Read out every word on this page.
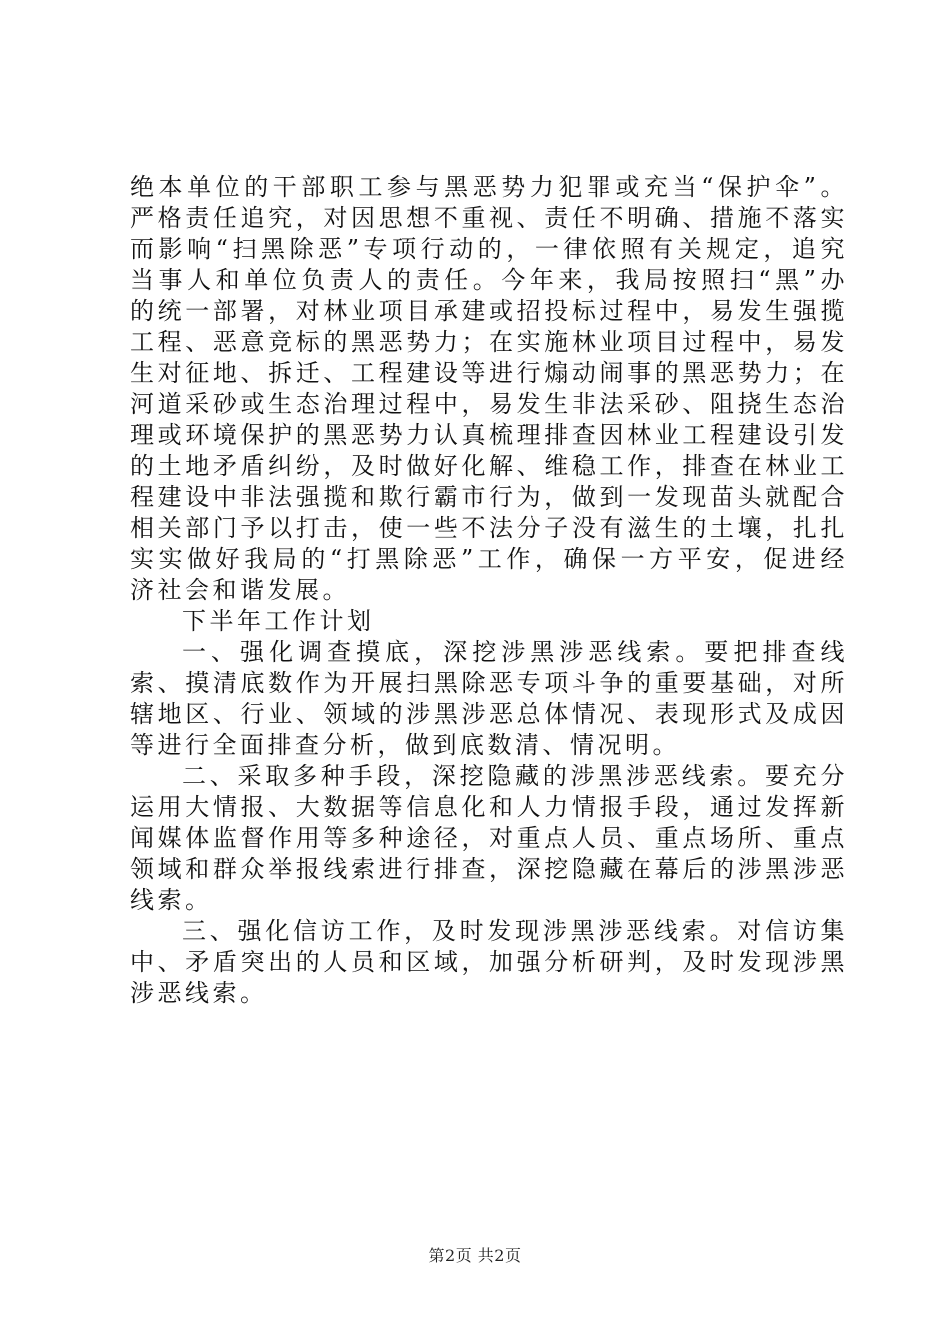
绝本单位的干部职工参与黑恶势力犯罪或充当“保护伞”。严格责任追究，对因思想不重视、责任不明确、措施不落实而影响“扫黑除恶”专项行动的，一律依照有关规定，追究当事人和单位负责人的责任。今年来，我局按照扫“黑”办的统一部署，对林业项目承建或招投标过程中，易发生强揽工程、恶意竞标的黑恶势力；在实施林业项目过程中，易发生对征地、拆迁、工程建设等进行煽动闹事的黑恶势力；在河道采砂或生态治理过程中，易发生非法采砂、阻挠生态治理或环境保护的黑恶势力认真梳理排查因林业工程建设引发的土地矛盾纠纷，及时做好化解、维稳工作，排查在林业工程建设中非法强揽和欺行霸市行为，做到一发现苗头就配合相关部门予以打击，使一些不法分子没有滋生的土壤，扎扎实实做好我局的“打黑除恶”工作，确保一方平安，促进经济社会和谐发展。

下半年工作计划

一、强化调查摸底，深挖涉黑涉恶线索。要把排查线索、摸清底数作为开展扫黑除恶专项斗争的重要基础，对所辖地区、行业、领域的涉黑涉恶总体情况、表现形式及成因等进行全面排查分析，做到底数清、情况明。

二、采取多种手段，深挖隐藏的涉黑涉恶线索。要充分运用大情报、大数据等信息化和人力情报手段，通过发挥新闻媒体监督作用等多种途径，对重点人员、重点场所、重点领域和群众举报线索进行排查，深挖隐藏在幕后的涉黑涉恶线索。

三、强化信访工作，及时发现涉黑涉恶线索。对信访集中、矛盾突出的人员和区域，加强分析研判，及时发现涉黑涉恶线索。

第2页 共2页
